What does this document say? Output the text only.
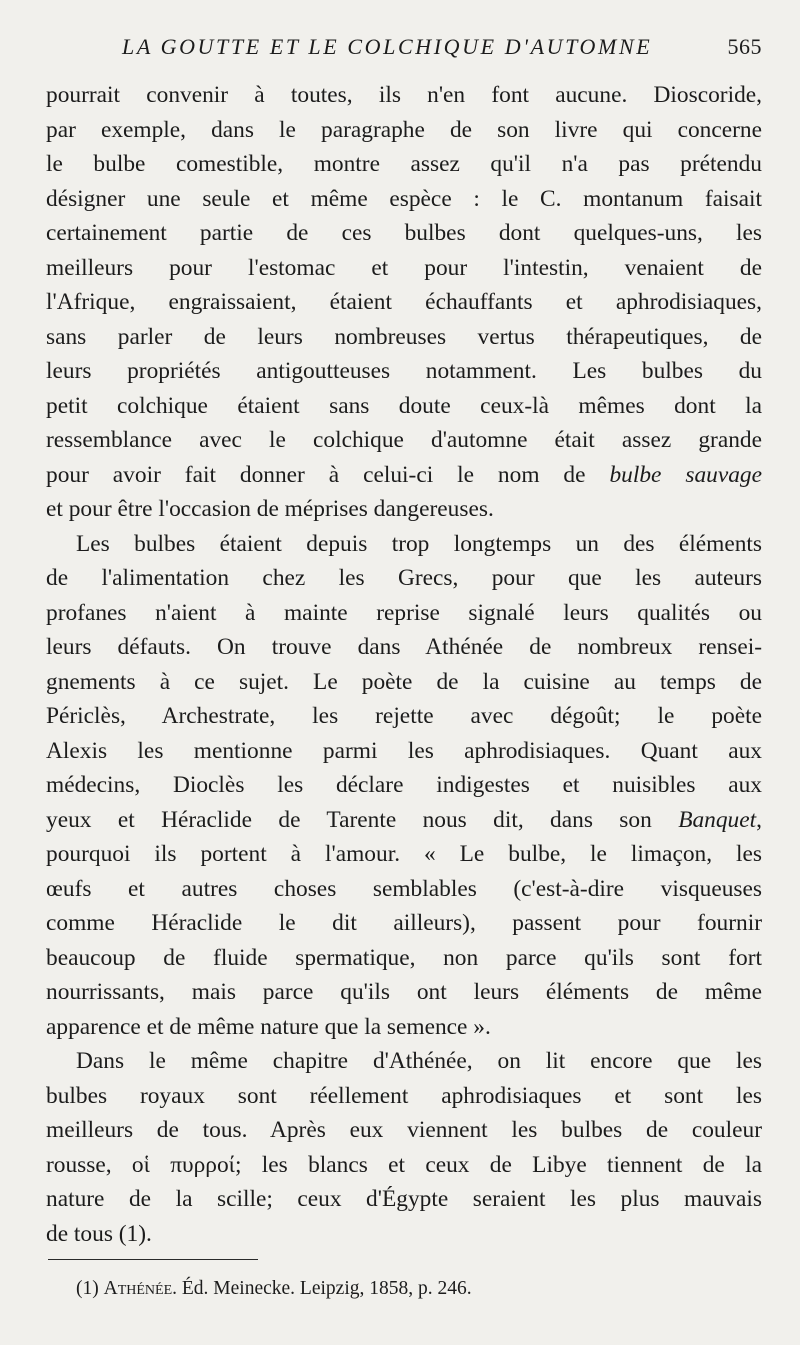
LA GOUTTE ET LE COLCHIQUE D'AUTOMNE	565
pourrait convenir à toutes, ils n'en font aucune. Dioscoride,
par exemple, dans le paragraphe de son livre qui concerne
le bulbe comestible, montre assez qu'il n'a pas prétendu
désigner une seule et même espèce : le C. montanum faisait
certainement partie de ces bulbes dont quelques-uns, les
meilleurs pour l'estomac et pour l'intestin, venaient de
l'Afrique, engraissaient, étaient échauffants et aphrodisiaques,
sans parler de leurs nombreuses vertus thérapeutiques, de
leurs propriétés antigoutteuses notamment. Les bulbes du
petit colchique étaient sans doute ceux-là mêmes dont la
ressemblance avec le colchique d'automne était assez grande
pour avoir fait donner à celui-ci le nom de bulbe sauvage
et pour être l'occasion de méprises dangereuses.
Les bulbes étaient depuis trop longtemps un des éléments
de l'alimentation chez les Grecs, pour que les auteurs
profanes n'aient à mainte reprise signalé leurs qualités ou
leurs défauts. On trouve dans Athénée de nombreux rensei-
gnements à ce sujet. Le poète de la cuisine au temps de
Périclès, Archestrate, les rejette avec dégoût; le poète
Alexis les mentionne parmi les aphrodisiaques. Quant aux
médecins, Dioclès les déclare indigestes et nuisibles aux
yeux et Héraclide de Tarente nous dit, dans son Banquet,
pourquoi ils portent à l'amour. « Le bulbe, le limaçon, les
œufs et autres choses semblables (c'est-à-dire visqueuses
comme Héraclide le dit ailleurs), passent pour fournir
beaucoup de fluide spermatique, non parce qu'ils sont fort
nourrissants, mais parce qu'ils ont leurs éléments de même
apparence et de même nature que la semence ».
Dans le même chapitre d'Athénée, on lit encore que les
bulbes royaux sont réellement aphrodisiaques et sont les
meilleurs de tous. Après eux viennent les bulbes de couleur
rousse, οἱ πυρροί; les blancs et ceux de Libye tiennent de la
nature de la scille; ceux d'Égypte seraient les plus mauvais
de tous (1).
(1) Athénée. Éd. Meinecke. Leipzig, 1858, p. 246.
